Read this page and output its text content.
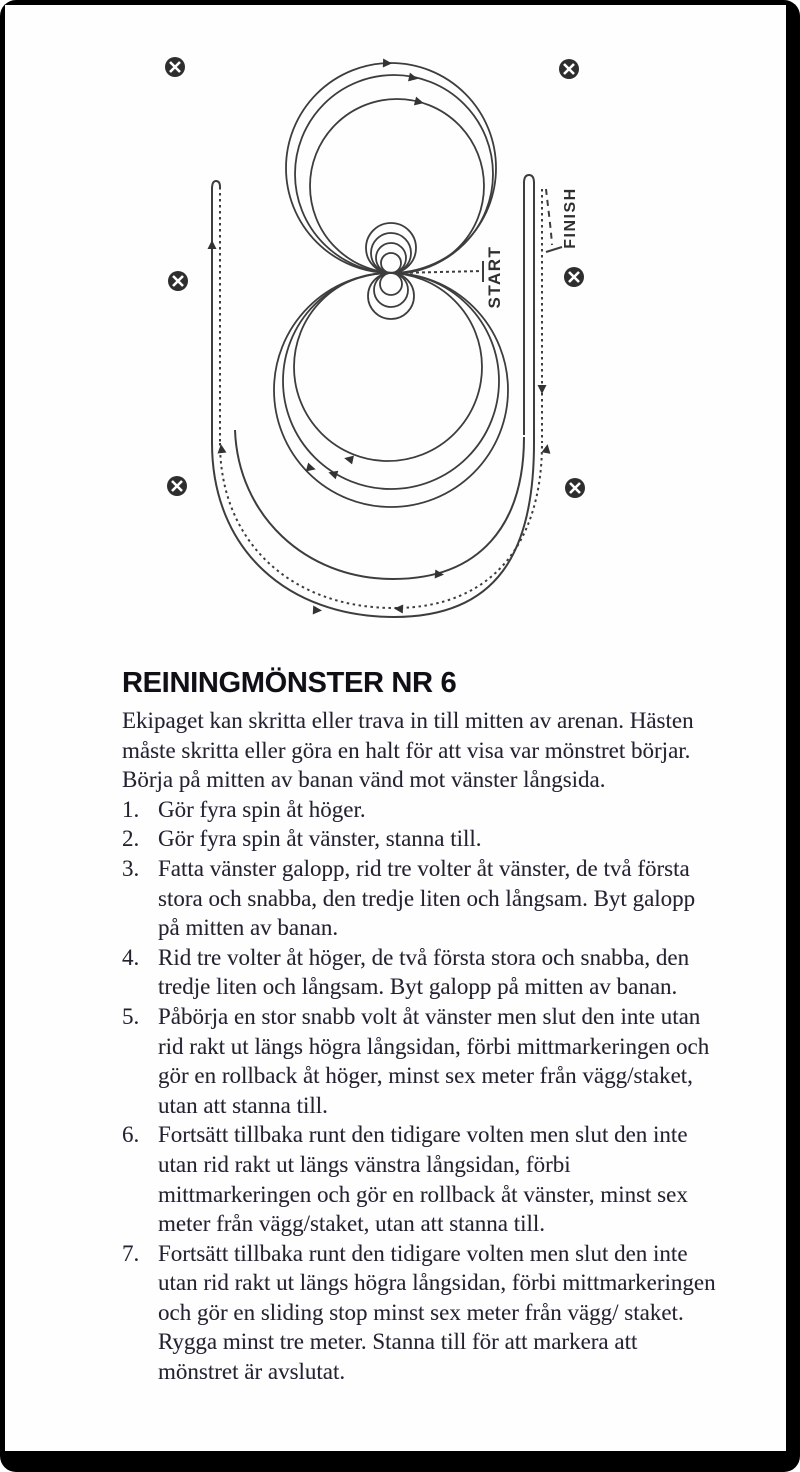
START
FINISH
REININGMÖNSTER NR 6

Ekipaget kan skritta eller trava in till mitten av arenan. Hästen måste skritta eller göra en halt för att visa var mönstret börjar.

Börja på mitten av banan vänd mot vänster långsida.

1. Gör fyra spin åt höger.
2. Gör fyra spin åt vänster, stanna till.
3. Fatta vänster galopp, rid tre volter åt vänster, de två första stora och snabba, den tredje liten och långsam. Byt galopp på mitten av banan.
4. Rid tre volter åt höger, de två första stora och snabba, den tredje liten och långsam. Byt galopp på mitten av banan.
5. Påbörja en stor snabb volt åt vänster men slut den inte utan rid rakt ut längs högra långsidan, förbi mittmarkeringen och gör en rollback åt höger, minst sex meter från vägg/staket, utan att stanna till.
6. Fortsätt tillbaka runt den tidigare volten men slut den inte utan rid rakt ut längs vänstra långsidan, förbi mittmarkeringen och gör en rollback åt vänster, minst sex meter från vägg/staket, utan att stanna till.
7. Fortsätt tillbaka runt den tidigare volten men slut den inte utan rid rakt ut längs högra långsidan, förbi mittmarkeringen och gör en sliding stop minst sex meter från vägg/ staket. Rygga minst tre meter. Stanna till för att markera att mönstret är avslutat.
